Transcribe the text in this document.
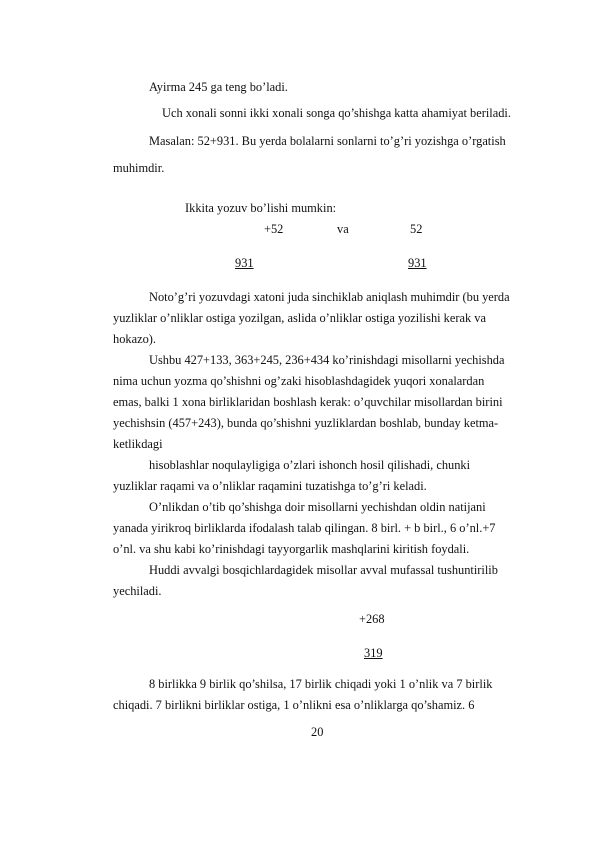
Ayirma 245 ga teng bo’ladi.
Uch xonali sonni ikki xonali songa qo’shishga katta ahamiyat beriladi.
Masalan: 52+931. Bu yerda bolalarni sonlarni to’g’ri yozishga o’rgatish
muhimdir.
Ikkita yozuv bo’lishi mumkin:
+52	va	52
931	931
Noto’g’ri yozuvdagi xatoni juda sinchiklab aniqlash muhimdir (bu yerda
yuzliklar o’nliklar ostiga yozilgan, aslida o’nliklar ostiga yozilishi kerak va
hokazo).
Ushbu 427+133, 363+245, 236+434 ko’rinishdagi misollarni yechishda
nima uchun yozma qo’shishni og’zaki hisoblashdagidek yuqori xonalardan
emas, balki 1 xona birliklaridan boshlash kerak: o’quvchilar misollardan birini
yechishsin (457+243), bunda qo’shishni yuzliklardan boshlab, bunday ketma-
ketlikdagi
hisoblashlar noqulayligiga o’zlari ishonch hosil qilishadi, chunki
yuzliklar raqami va o’nliklar raqamini tuzatishga to’g’ri keladi.
O’nlikdan o’tib qo’shishga doir misollarni yechishdan oldin natijani
yanada yirikroq birliklarda ifodalash talab qilingan. 8 birl. + b birl., 6 o’nl.+7
o’nl. va shu kabi ko’rinishdagi tayyorgarlik mashqlarini kiritish foydali.
Huddi avvalgi bosqichlardagidek misollar avval mufassal tushuntirilib
yechiladi.
+268
319
8 birlikka 9 birlik qo’shilsa, 17 birlik chiqadi yoki 1 o’nlik va 7 birlik
chiqadi. 7 birlikni birliklar ostiga, 1 o’nlikni esa o’nliklarga qo’shamiz. 6
20
